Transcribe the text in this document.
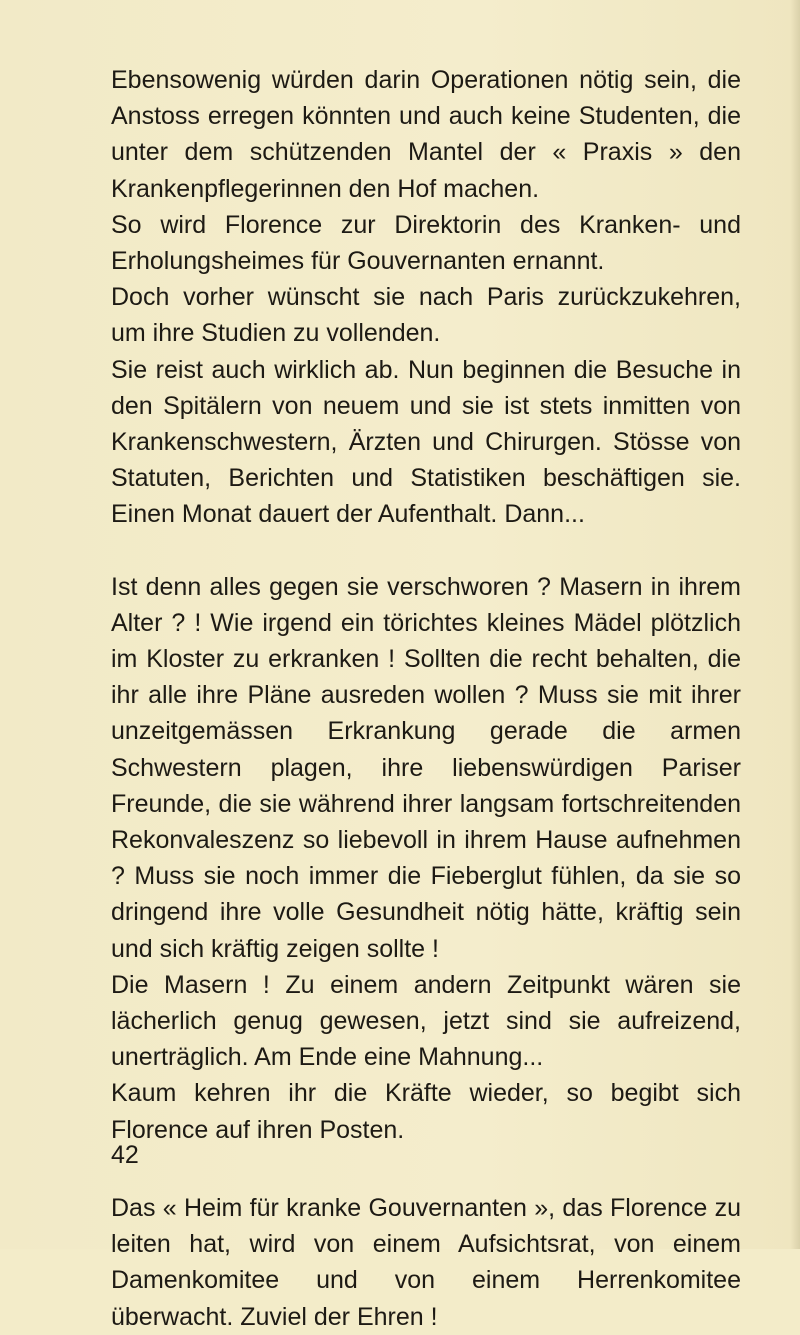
Ebensowenig würden darin Operationen nötig sein, die Anstoss erregen könnten und auch keine Studenten, die unter dem schützenden Mantel der « Praxis » den Krankenpflegerinnen den Hof machen.

So wird Florence zur Direktorin des Kranken- und Erholungsheimes für Gouvernanten ernannt.

Doch vorher wünscht sie nach Paris zurückzukehren, um ihre Studien zu vollenden.

Sie reist auch wirklich ab. Nun beginnen die Besuche in den Spitälern von neuem und sie ist stets inmitten von Krankenschwestern, Ärzten und Chirurgen. Stösse von Statuten, Berichten und Statistiken beschäftigen sie. Einen Monat dauert der Aufenthalt. Dann...

Ist denn alles gegen sie verschworen ? Masern in ihrem Alter ? ! Wie irgend ein törichtes kleines Mädel plötzlich im Kloster zu erkranken ! Sollten die recht behalten, die ihr alle ihre Pläne ausreden wollen ? Muss sie mit ihrer unzeitgemässen Erkrankung gerade die armen Schwestern plagen, ihre liebenswürdigen Pariser Freunde, die sie während ihrer langsam fortschreitenden Rekonvaleszenz so liebevoll in ihrem Hause aufnehmen ? Muss sie noch immer die Fieberglut fühlen, da sie so dringend ihre volle Gesundheit nötig hätte, kräftig sein und sich kräftig zeigen sollte !

Die Masern ! Zu einem andern Zeitpunkt wären sie lächerlich genug gewesen, jetzt sind sie aufreizend, unerträglich. Am Ende eine Mahnung...

Kaum kehren ihr die Kräfte wieder, so begibt sich Florence auf ihren Posten.

Das « Heim für kranke Gouvernanten », das Florence zu leiten hat, wird von einem Aufsichtsrat, von einem Damenkomitee und von einem Herrenkomitee überwacht. Zuviel der Ehren !

42
